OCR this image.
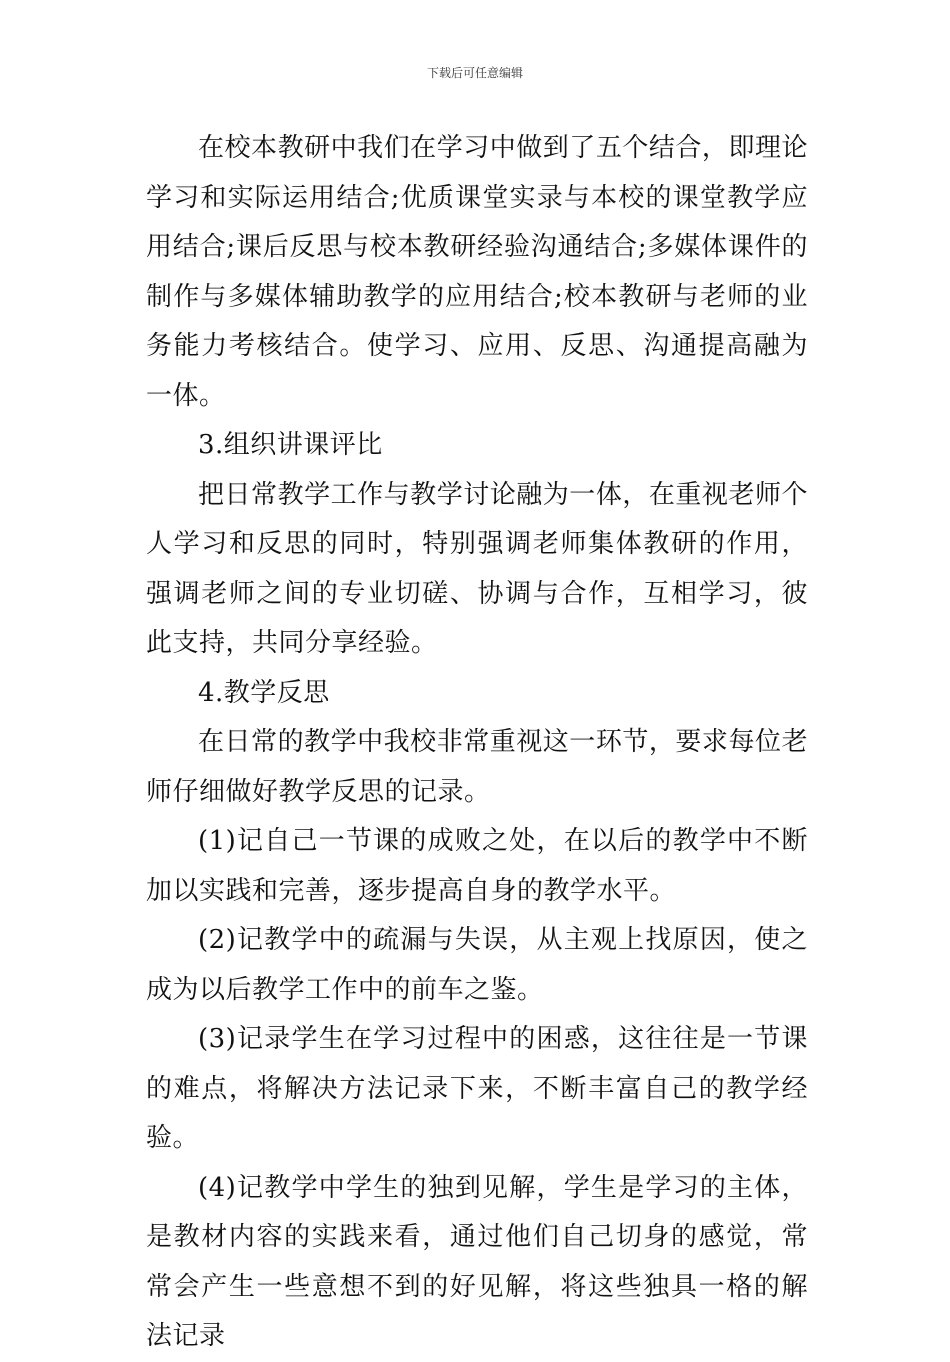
下载后可任意编辑

在校本教研中我们在学习中做到了五个结合，即理论学习和实际运用结合;优质课堂实录与本校的课堂教学应用结合;课后反思与校本教研经验沟通结合;多媒体课件的制作与多媒体辅助教学的应用结合;校本教研与老师的业务能力考核结合。使学习、应用、反思、沟通提高融为一体。

3.组织讲课评比

把日常教学工作与教学讨论融为一体，在重视老师个人学习和反思的同时，特别强调老师集体教研的作用，强调老师之间的专业切磋、协调与合作，互相学习，彼此支持，共同分享经验。

4.教学反思

在日常的教学中我校非常重视这一环节，要求每位老师仔细做好教学反思的记录。

(1)记自己一节课的成败之处，在以后的教学中不断加以实践和完善，逐步提高自身的教学水平。

(2)记教学中的疏漏与失误，从主观上找原因，使之成为以后教学工作中的前车之鉴。

(3)记录学生在学习过程中的困惑，这往往是一节课的难点，将解决方法记录下来，不断丰富自己的教学经验。

(4)记教学中学生的独到见解，学生是学习的主体，是教材内容的实践来看，通过他们自己切身的感觉，常常会产生一些意想不到的好见解，将这些独具一格的解法记录
